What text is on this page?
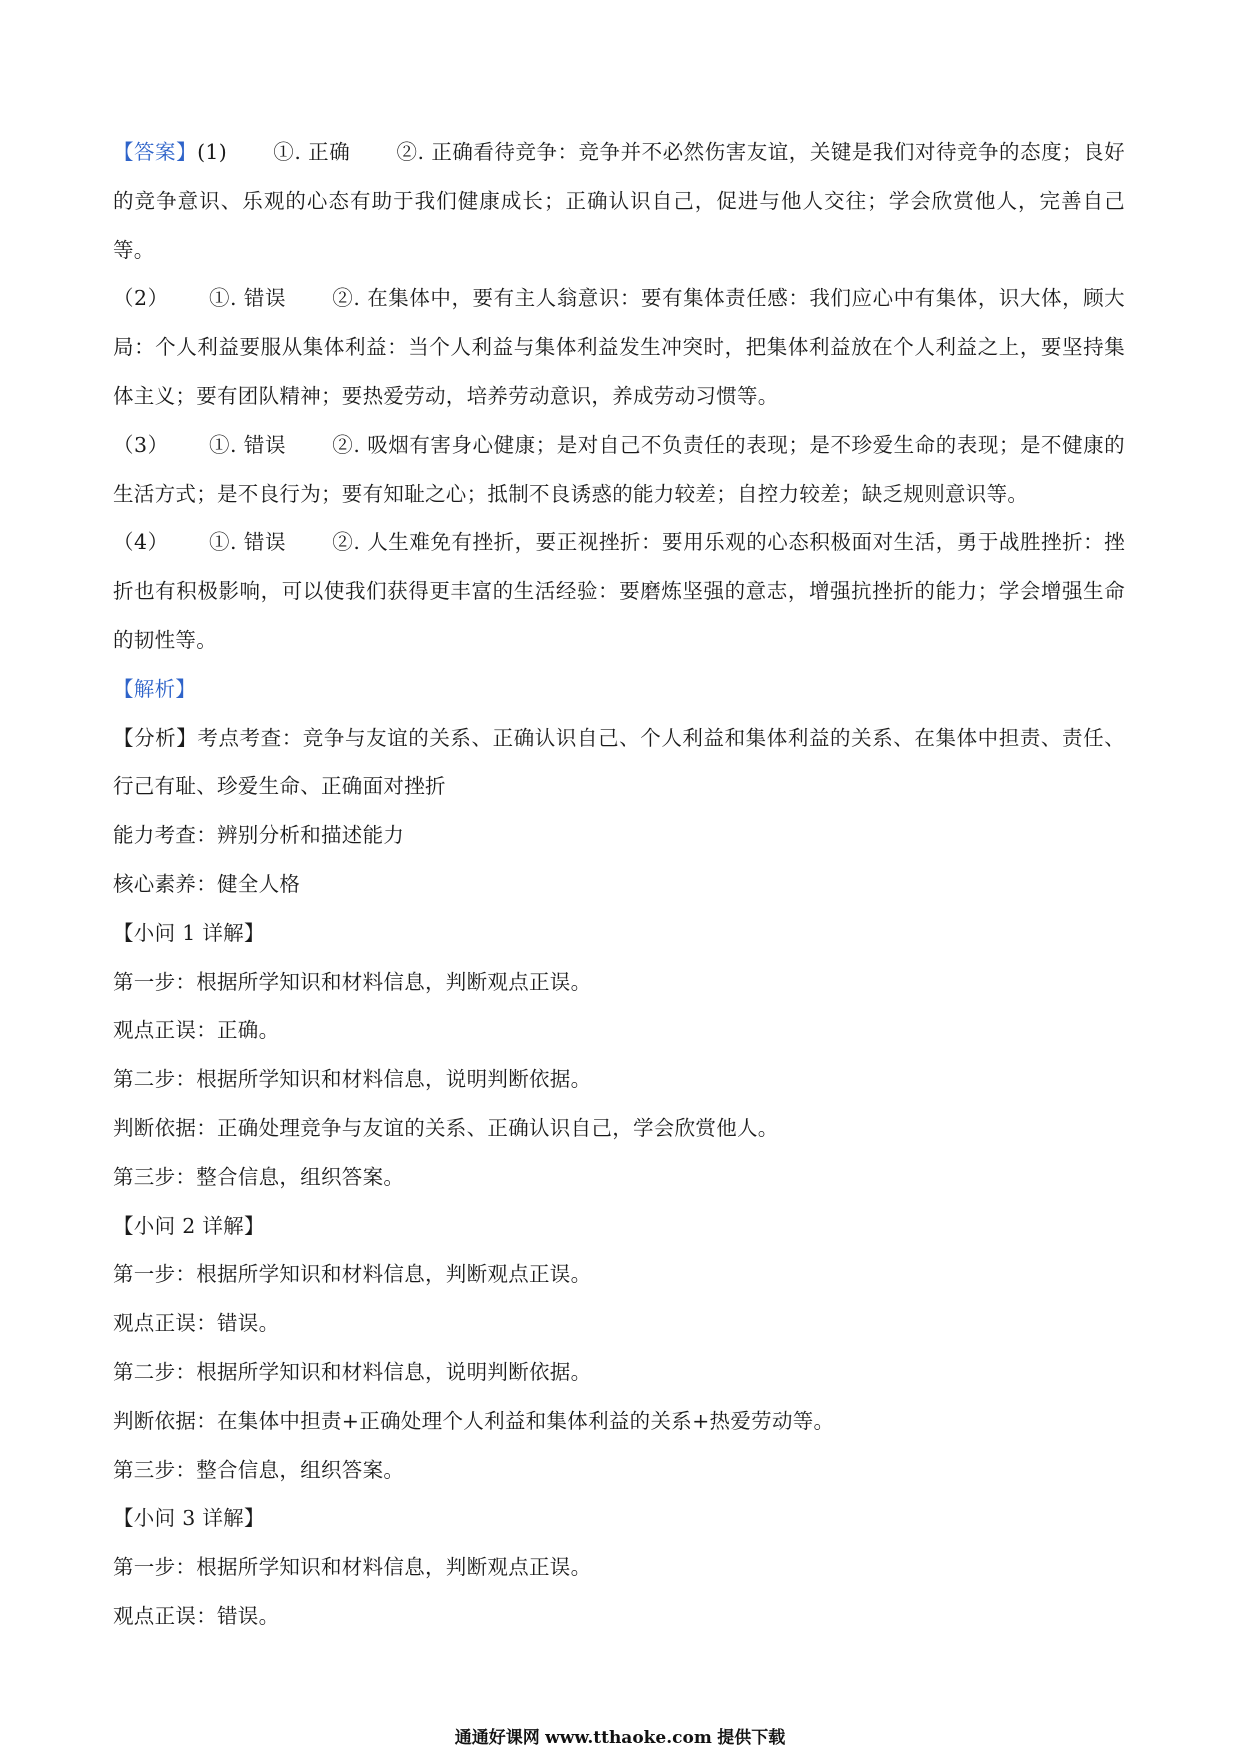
【答案】(1) ①. 正确 ②. 正确看待竞争：竞争并不必然伤害友谊，关键是我们对待竞争的态度；良好的竞争意识、乐观的心态有助于我们健康成长；正确认识自己，促进与他人交往；学会欣赏他人，完善自己等。

（2） ①. 错误 ②. 在集体中，要有主人翁意识：要有集体责任感：我们应心中有集体，识大体，顾大局：个人利益要服从集体利益：当个人利益与集体利益发生冲突时，把集体利益放在个人利益之上，要坚持集体主义；要有团队精神；要热爱劳动，培养劳动意识，养成劳动习惯等。

（3） ①. 错误 ②. 吸烟有害身心健康；是对自己不负责任的表现；是不珍爱生命的表现；是不健康的生活方式；是不良行为；要有知耻之心；抵制不良诱惑的能力较差；自控力较差；缺乏规则意识等。

（4） ①. 错误 ②. 人生难免有挫折，要正视挫折：要用乐观的心态积极面对生活，勇于战胜挫折：挫折也有积极影响，可以使我们获得更丰富的生活经验：要磨炼坚强的意志，增强抗挫折的能力；学会增强生命的韧性等。

【解析】

【分析】考点考查：竞争与友谊的关系、正确认识自己、个人利益和集体利益的关系、在集体中担责、责任、行己有耻、珍爱生命、正确面对挫折

能力考查：辨别分析和描述能力

核心素养：健全人格

【小问 1 详解】

第一步：根据所学知识和材料信息，判断观点正误。

观点正误：正确。

第二步：根据所学知识和材料信息，说明判断依据。

判断依据：正确处理竞争与友谊的关系、正确认识自己，学会欣赏他人。

第三步：整合信息，组织答案。

【小问 2 详解】

第一步：根据所学知识和材料信息，判断观点正误。

观点正误：错误。

第二步：根据所学知识和材料信息，说明判断依据。

判断依据：在集体中担责+正确处理个人利益和集体利益的关系+热爱劳动等。

第三步：整合信息，组织答案。

【小问 3 详解】

第一步：根据所学知识和材料信息，判断观点正误。

观点正误：错误。

通通好课网 www.tthaoke.com 提供下载
